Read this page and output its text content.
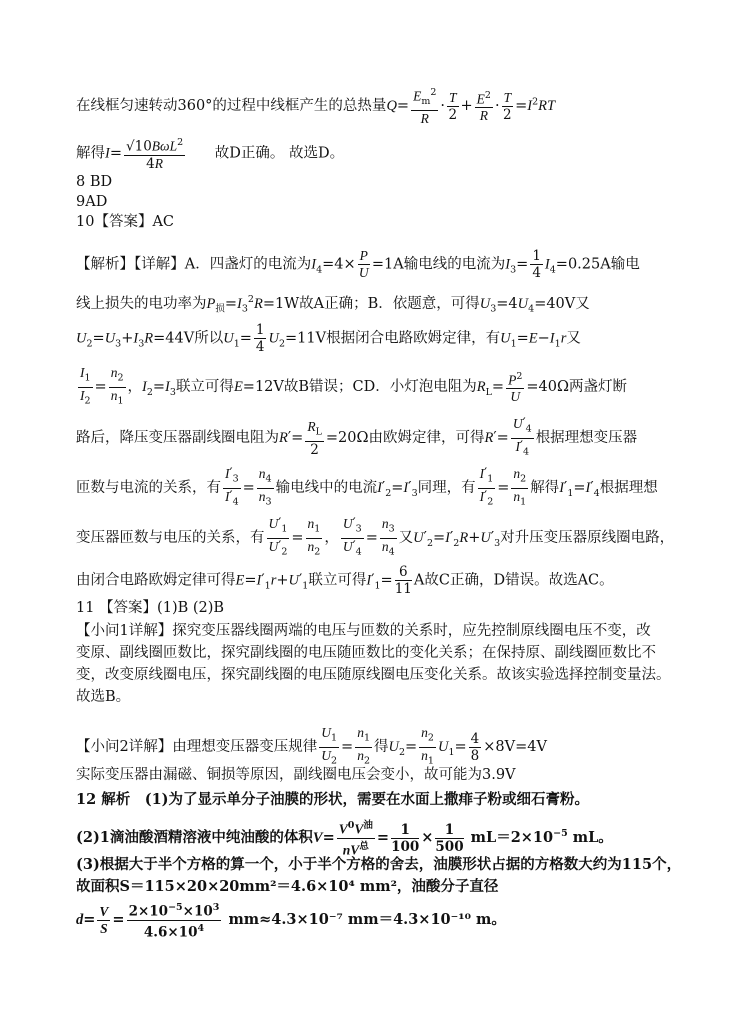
在线框匀速转动360°的过程中线框产生的总热量$Q= \frac{E_m^2}{R} \cdot \frac{T}{2} + \frac{E^2}{R} \cdot \frac{T}{2} =I^2RT$
解得$I= \frac{√10B\omega L^2}{4R}$ 故D正确。 故选D。
8 BD
9AD
10【答案】AC
【解析】【详解】A．四盏灯的电流为$I_4=4\times \frac{P}{U} =1A$输电线的电流为$I_3= \frac{1}{4} I_4=0.25A$输电
线上损失的电功率为$P_损=I_3^2R=1W$故A正确；B．依题意，可得$U_3=4U_4=40V$又
$U_2=U_3+I_3R=44V$所以$U_1= \frac{1}{4} U_2=11V$根据闭合电路欧姆定律，有$U_1=E-I_1r$又
$\frac{I_1}{I_2} = \frac{n_2}{n_1}$ ，$I_2=I_3$联立可得E=12V故B错误；CD．小灯泡电阻为$R_L= \frac{P^2}{U} =40\Omega$两盏灯断
路后，降压变压器副线圈电阻为$R'= \frac{R_L}{2} =20\Omega$由欧姆定律，可得$R'= \frac{U'_4}{I'_4}$ 根据理想变压器
匝数与电流的关系，有 $\frac{I'_3}{I'_4} = \frac{n_4}{n_3}$ 输电线中的电流$I'_2=I'_3$同理，有 $\frac{I'_1}{I'_2} = \frac{n_2}{n_1}$ 解得$I'_1=I'_4$根据理想
变压器匝数与电压的关系，有 $\frac{U'_1}{U'_2} = \frac{n_1}{n_2}$ ， $\frac{U'_3}{U'_4} = \frac{n_3}{n_4}$ 又$U'_2=I'_2R+U'_3$对升压变压器原线圈电路，
由闭合电路欧姆定律可得$E=I'_1r+U'_1$联立可得$I'_1= \frac{6}{11}$ A故C正确，D错误。故选AC。
11 【答案】(1)B (2)B
【小问1详解】探究变压器线圈两端的电压与匝数的关系时，应先控制原线圈电压不变，改
变原、副线圈匝数比，探究副线圈的电压随匝数比的变化关系；在保持原、副线圈匝数比不
变，改变原线圈电压，探究副线圈的电压随原线圈电压变化关系。故该实验选择控制变量法。
故选B。
【小问2详解】由理想变压器变压规律 $\frac{U_1}{U_2} = \frac{n_1}{n_2}$ 得$U_2= \frac{n_2}{n_1} U_1= \frac{4}{8} \times 8V=4V$
实际变压器由漏磁、铜损等原因，副线圈电压会变小，故可能为3.9V
12 解析　(1)为了显示单分子油膜的形状，需要在水面上撒痱子粉或细石膏粉。
(2)1滴油酸酒精溶液中纯油酸的体积$V= \frac{V^0V^油}{nV^总} = \frac{1}{100} \times \frac{1}{500} mL=2\times 10^{-5}$ mL。
(3)根据大于半个方格的算一个，小于半个方格的舍去，油膜形状占据的方格数大约为115个，
故面积S＝115×20×20mm²＝4.6×10⁴ mm²，油酸分子直径
$d= \frac{V}{S} = \frac{2\times 10^{-5}\times 10^3}{4.6\times 10^4} mm\approx 4.3\times 10^{-7}$ mm＝4.3×10⁻¹⁰ m。
